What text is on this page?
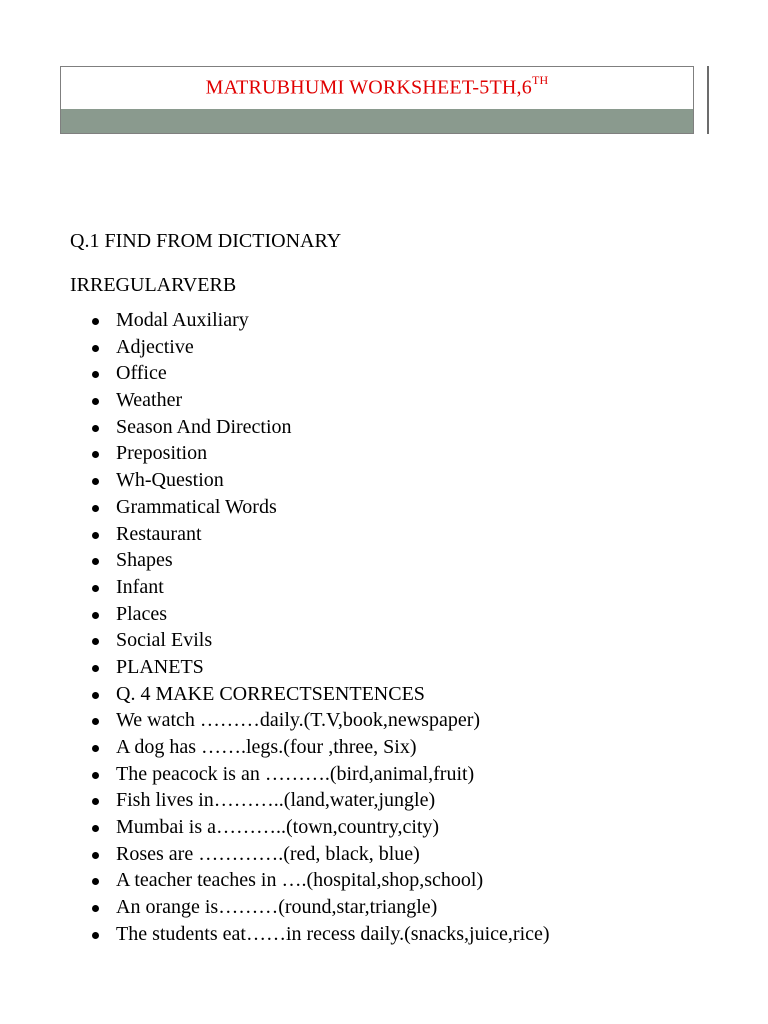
MATRUBHUMI WORKSHEET-5TH,6TH
Q.1 FIND FROM DICTIONARY
IRREGULARVERB
Modal Auxiliary
Adjective
Office
Weather
Season And Direction
Preposition
Wh-Question
Grammatical Words
Restaurant
Shapes
Infant
Places
Social Evils
PLANETS
Q. 4 MAKE CORRECTSENTENCES
We watch ………daily.(T.V,book,newspaper)
A dog has …….legs.(four ,three, Six)
The peacock is an ……….(bird,animal,fruit)
Fish lives in………..(land,water,jungle)
Mumbai is a………..(town,country,city)
Roses are ………….(red, black, blue)
A teacher teaches in ….(hospital,shop,school)
An orange is………(round,star,triangle)
The students eat……in recess daily.(snacks,juice,rice)
